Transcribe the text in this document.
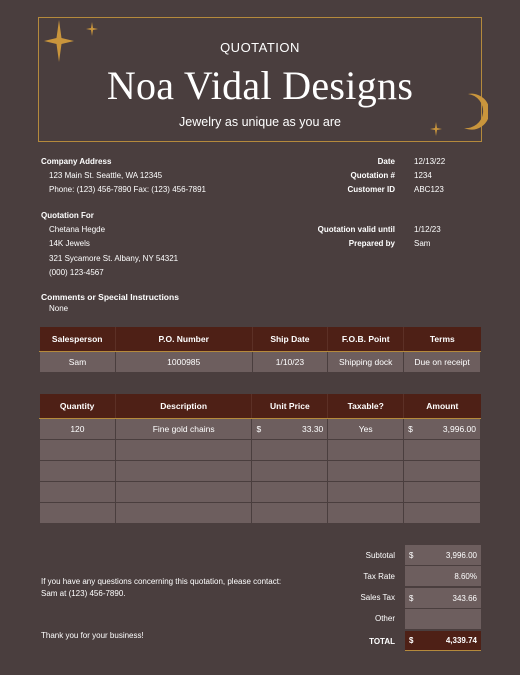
QUOTATION
Noa Vidal Designs
Jewelry as unique as you are
Company Address
123 Main St. Seattle, WA 12345
Phone: (123) 456-7890 Fax: (123) 456-7891
Date 12/13/22
Quotation # 1234
Customer ID ABC123
Quotation For
Chetana Hegde
14K Jewels
321 Sycamore St. Albany, NY 54321
(000) 123-4567
Quotation valid until 1/12/23
Prepared by Sam
Comments or Special Instructions
None
Salesperson	P.O. Number	Ship Date	F.O.B. Point	Terms
Sam	1000985	1/10/23	Shipping dock	Due on receipt
Quantity	Description	Unit Price	Taxable?	Amount
120	Fine gold chains	$ 33.30	Yes	$ 3,996.00

Subtotal $	3,996.00
Tax Rate	8.60%
Sales Tax $	343.66
Other
TOTAL $	4,339.74
If you have any questions concerning this quotation, please contact:
Sam at (123) 456-7890.
Thank you for your business!
